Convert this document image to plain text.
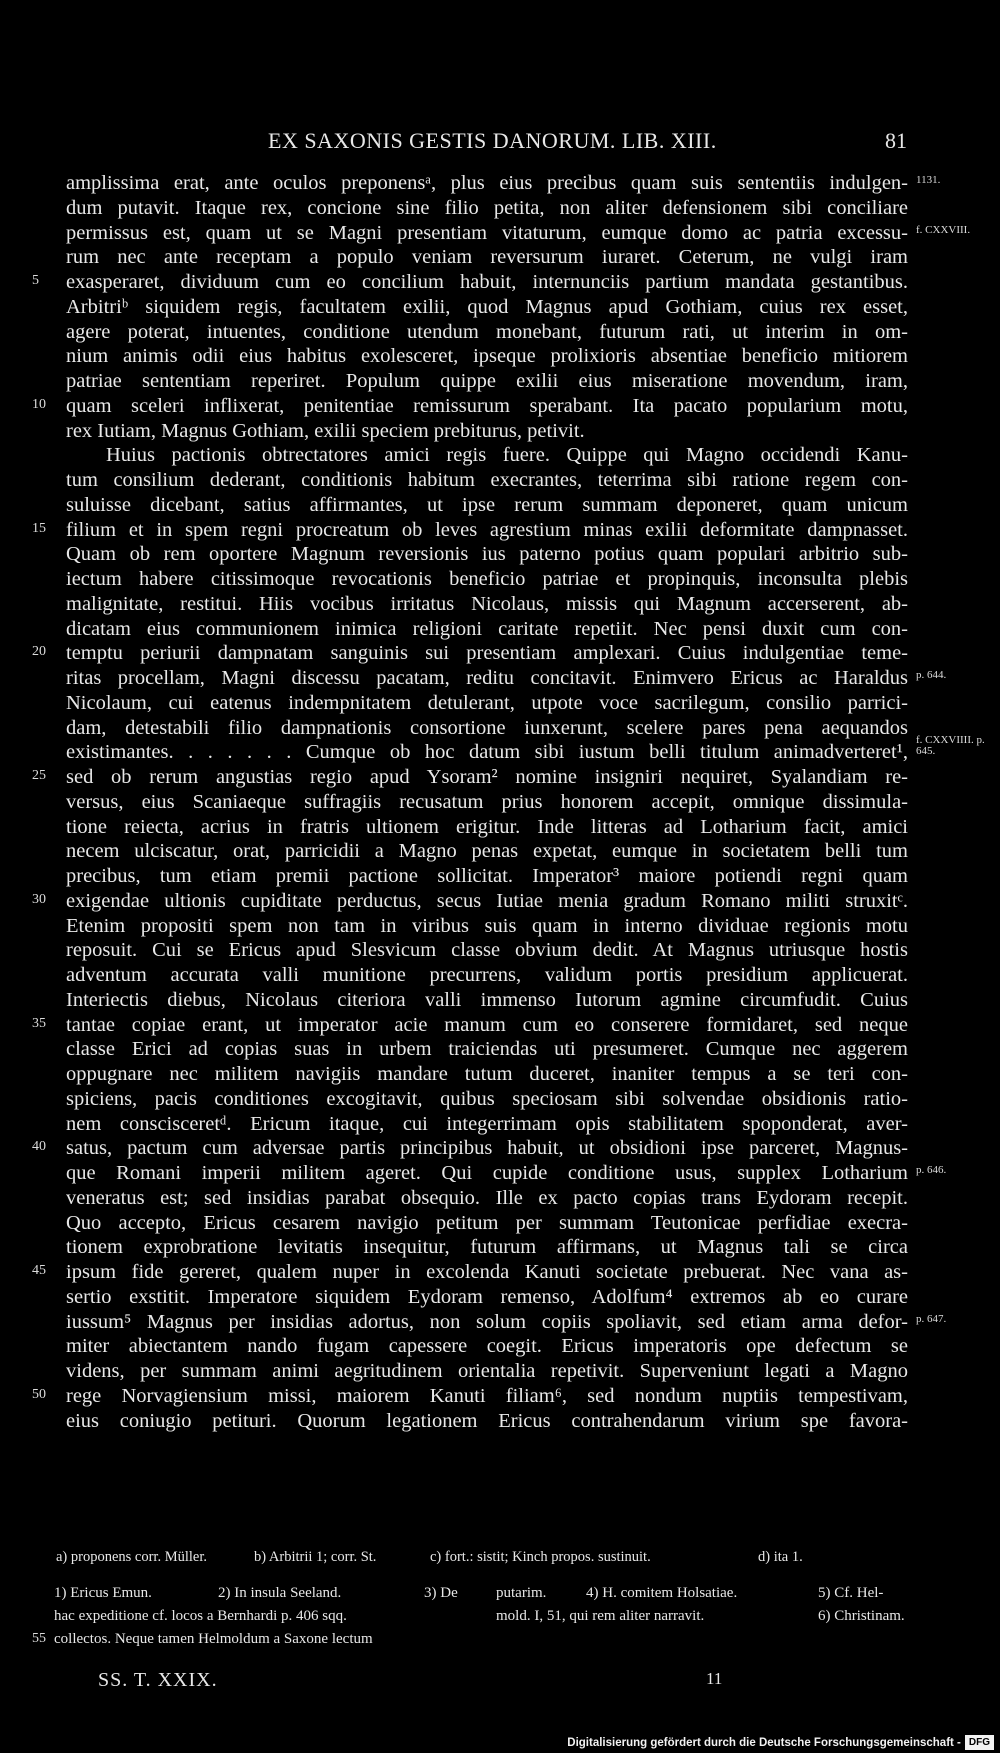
EX SAXONIS GESTIS DANORUM. LIB. XIII.	81
amplissima erat, ante oculos preponensᵃ, plus eius precibus quam suis sententiis indulgen- 1131.
dum putavit. Itaque rex, concione sine filio petita, non aliter defensionem sibi conciliare
permissus est, quam ut se Magni presentiam vitaturum, eumque domo ac patria excessu- f. CXXVIII.
rum nec ante receptam a populo veniam reversurum iuraret. Ceterum, ne vulgi iram
5 exasperaret, dividuum cum eo concilium habuit, internunciis partium mandata gestantibus.
Arbitriᵇ siquidem regis, facultatem exilii, quod Magnus apud Gothiam, cuius rex esset,
agere poterat, intuentes, conditione utendum monebant, futurum rati, ut interim in om-
nium animis odii eius habitus exolesceret, ipseque prolixioris absentiae beneficio mitiorem
patriae sententiam reperiret. Populum quippe exilii eius miseratione movendum, iram,
10 quam sceleri inflixerat, penitentiae remissurum sperabant. Ita pacato popularium motu,
rex Iutiam, Magnus Gothiam, exilii speciem prebiturus, petivit.
Huius pactionis obtrectatores amici regis fuere. Quippe qui Magno occidendi Kanu-
tum consilium dederant, conditionis habitum execrantes, teterrima sibi ratione regem con-
suluisse dicebant, satius affirmantes, ut ipse rerum summam deponeret, quam unicum
15 filium et in spem regni procreatum ob leves agrestium minas exilii deformitate dampnasset.
Quam ob rem oportere Magnum reversionis ius paterno potius quam populari arbitrio sub-
iectum habere citissimoque revocationis beneficio patriae et propinquis, inconsulta plebis
malignitate, restitui. Hiis vocibus irritatus Nicolaus, missis qui Magnum accerserent, ab-
dicatam eius communionem inimica religioni caritate repetiit. Nec pensi duxit cum con-
20 temptu periurii dampnatam sanguinis sui presentiam amplexari. Cuius indulgentiae teme-
ritas procellam, Magni discessu pacatam, reditu concitavit. Enimvero Ericus ac Haraldus p. 644.
Nicolaum, cui eatenus indempnitatem detulerant, utpote voce sacrilegum, consilio parrici-
dam, detestabili filio dampnationis consortione iunxerunt, scelere pares pena aequandos
existimantes. . . . . . . Cumque ob hoc datum sibi iustum belli titulum animadverteret¹,
f. CXXVIIII. p. 645.
25 sed ob rerum angustias regio apud Ysoram² nomine insigniri nequiret, Syalandiam re-
versus, eius Scaniaeque suffragiis recusatum prius honorem accepit, omnique dissimula-
tione reiecta, acrius in fratris ultionem erigitur. Inde litteras ad Lotharium facit, amici
necem ulciscatur, orat, parricidii a Magno penas expetat, eumque in societatem belli tum
precibus, tum etiam premii pactione sollicitat. Imperator³ maiore potiendi regni quam
30 exigendae ultionis cupiditate perductus, secus Iutiae menia gradum Romano militi struxitᶜ.
Etenim propositi spem non tam in viribus suis quam in interno dividuae regionis motu
reposuit. Cui se Ericus apud Slesvicum classe obvium dedit. At Magnus utriusque hostis
adventum accurata valli munitione precurrens, validum portis presidium applicuerat.
Interiectis diebus, Nicolaus citeriora valli immenso Iutorum agmine circumfudit. Cuius
35 tantae copiae erant, ut imperator acie manum cum eo conserere formidaret, sed neque
classe Erici ad copias suas in urbem traiciendas uti presumeret. Cumque nec aggerem
oppugnare nec militem navigiis mandare tutum duceret, inaniter tempus a se teri con-
spiciens, pacis conditiones excogitavit, quibus speciosam sibi solvendae obsidionis ratio-
nem conscisceretᵈ. Ericum itaque, cui integerrimam opis stabilitatem spoponderat, aver-
40 satus, pactum cum adversae partis principibus habuit, ut obsidioni ipse parceret, Magnus-
que Romani imperii militem ageret. Qui cupide conditione usus, supplex Lotharium p. 646.
veneratus est; sed insidias parabat obsequio. Ille ex pacto copias trans Eydoram recepit.
Quo accepto, Ericus cesarem navigio petitum per summam Teutonicae perfidiae execra-
tionem exprobratione levitatis insequitur, futurum affirmans, ut Magnus tali se circa
45 ipsum fide gereret, qualem nuper in excolenda Kanuti societate prebuerat. Nec vana as-
sertio exstitit. Imperatore siquidem Eydoram remenso, Adolfum⁴ extremos ab eo curare
iussum⁵ Magnus per insidias adortus, non solum copiis spoliavit, sed etiam arma defor- p. 647.
miter abiectantem nando fugam capessere coegit. Ericus imperatoris ope defectum se
videns, per summam animi aegritudinem orientalia repetivit. Superveniunt legati a Magno
50 rege Norvagiensium missi, maiorem Kanuti filiam⁶, sed nondum nuptiis tempestivam,
eius coniugio petituri. Quorum legationem Ericus contrahendarum virium spe favora-
a) proponens corr. Müller.	b) Arbitrii 1; corr. St.	c) fort.: sistit; Kinch propos. sustinuit.	d) ita 1.
1) Ericus Emun.	2) In insula Seeland.	3) De	putarim.	4) H. comitem Holsatiae.	5) Cf. Hel-
hac expeditione cf. locos a Bernhardi p. 406 sqq.	mold. I, 51, qui rem aliter narravit.	6) Christinam.
collectos. Neque tamen Helmoldum a Saxone lectum
55
SS. T. XXIX.	11
Digitalisierung gefördert durch die Deutsche Forschungsgemeinschaft - DFG
